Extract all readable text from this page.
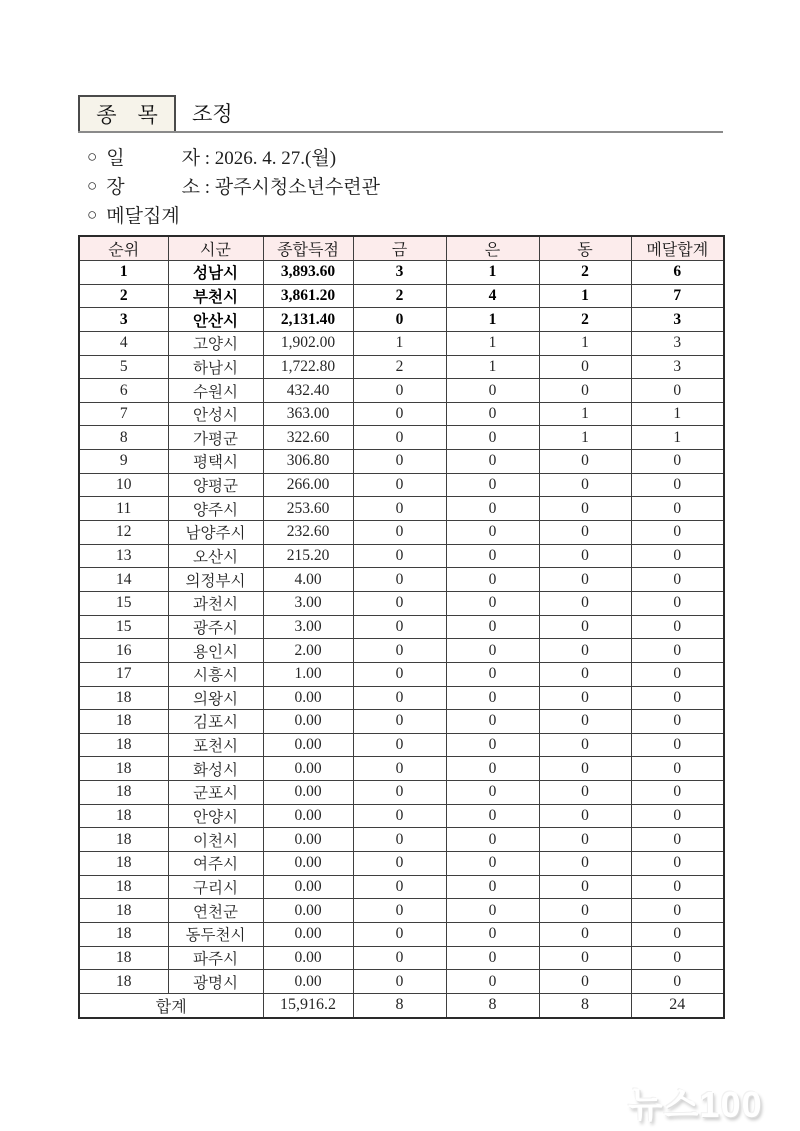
종　목	조정
○ 일　　　자 : 2026. 4. 27.(월)
○ 장　　　소 : 광주시청소년수련관
○ 메달집계
순위	시군	종합득점	금	은	동	메달합계
1	성남시	3,893.60	3	1	2	6
2	부천시	3,861.20	2	4	1	7
3	안산시	2,131.40	0	1	2	3
4	고양시	1,902.00	1	1	1	3
5	하남시	1,722.80	2	1	0	3
6	수원시	432.40	0	0	0	0
7	안성시	363.00	0	0	1	1
8	가평군	322.60	0	0	1	1
9	평택시	306.80	0	0	0	0
10	양평군	266.00	0	0	0	0
11	양주시	253.60	0	0	0	0
12	남양주시	232.60	0	0	0	0
13	오산시	215.20	0	0	0	0
14	의정부시	4.00	0	0	0	0
15	과천시	3.00	0	0	0	0
15	광주시	3.00	0	0	0	0
16	용인시	2.00	0	0	0	0
17	시흥시	1.00	0	0	0	0
18	의왕시	0.00	0	0	0	0
18	김포시	0.00	0	0	0	0
18	포천시	0.00	0	0	0	0
18	화성시	0.00	0	0	0	0
18	군포시	0.00	0	0	0	0
18	안양시	0.00	0	0	0	0
18	이천시	0.00	0	0	0	0
18	여주시	0.00	0	0	0	0
18	구리시	0.00	0	0	0	0
18	연천군	0.00	0	0	0	0
18	동두천시	0.00	0	0	0	0
18	파주시	0.00	0	0	0	0
18	광명시	0.00	0	0	0	0
합계		15,916.2	8	8	8	24
뉴스100
